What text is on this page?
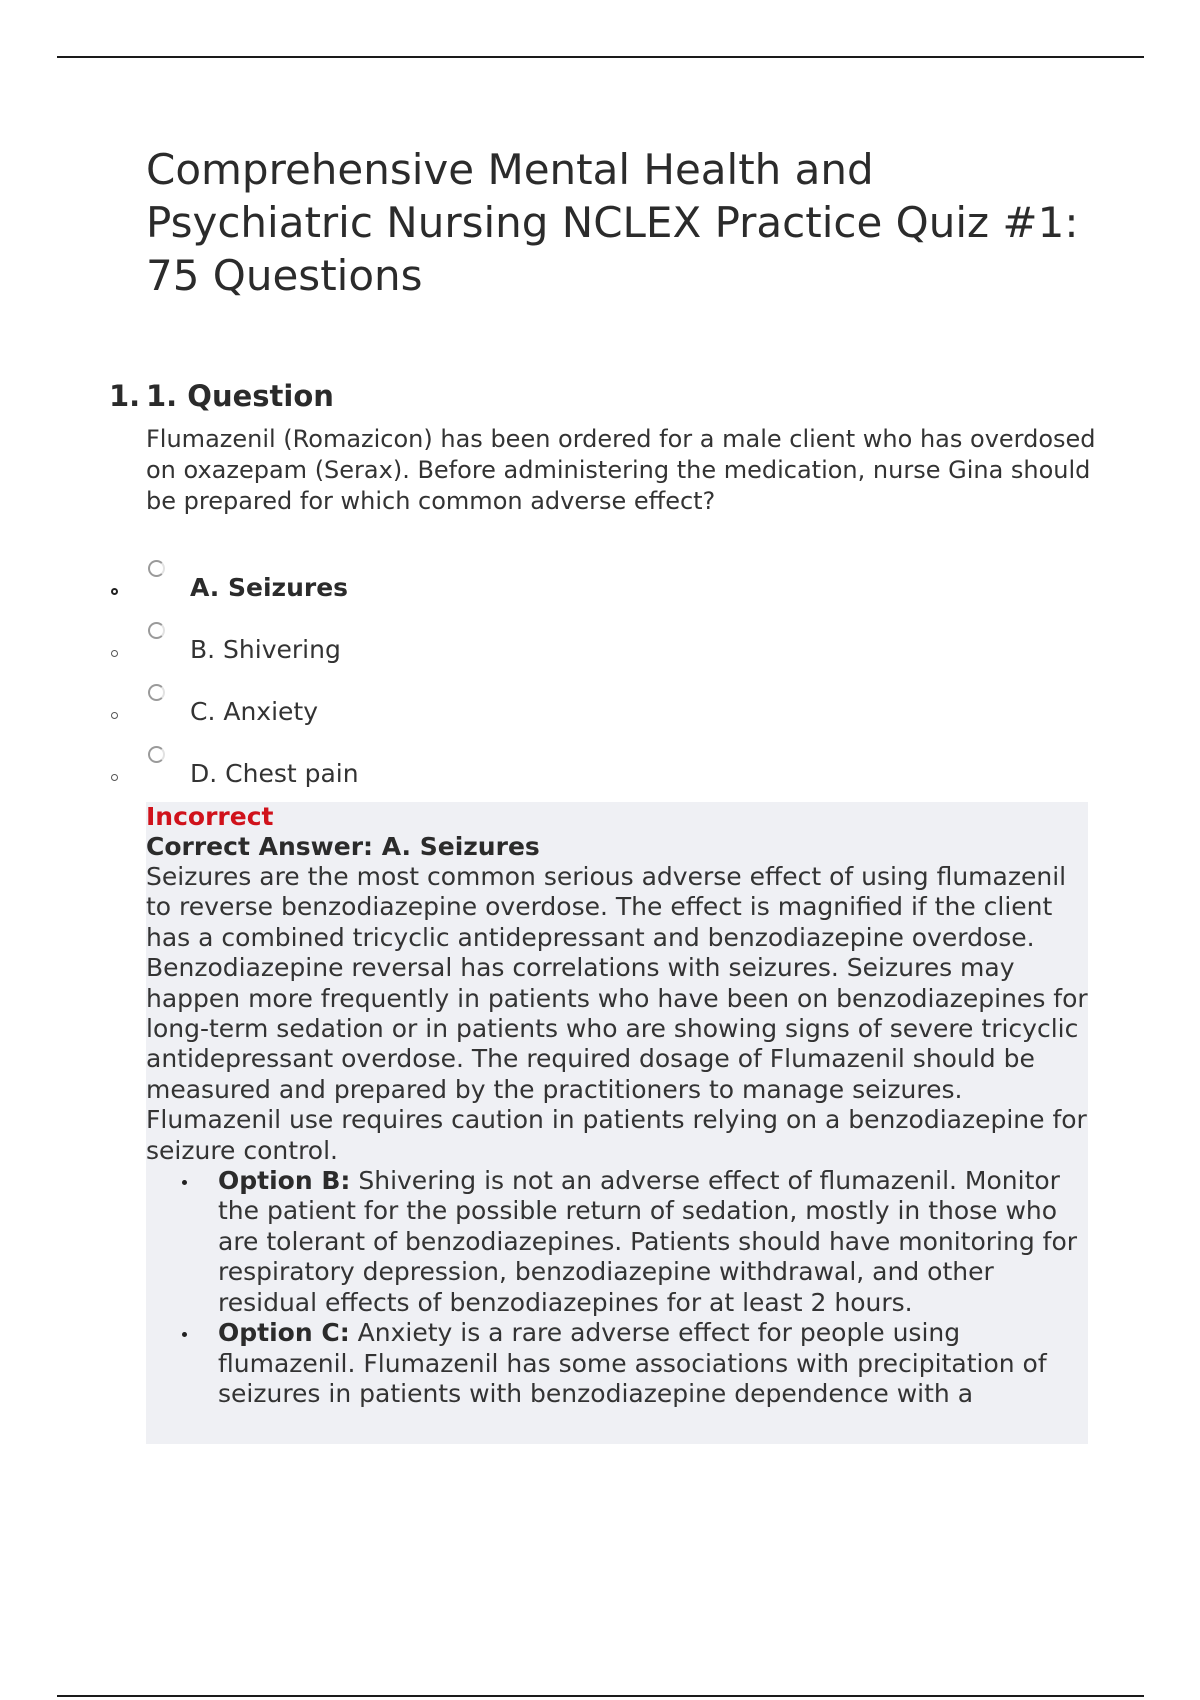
Comprehensive Mental Health and Psychiatric Nursing NCLEX Practice Quiz #1: 75 Questions
1. 1. Question

Flumazenil (Romazicon) has been ordered for a male client who has overdosed on oxazepam (Serax). Before administering the medication, nurse Gina should be prepared for which common adverse effect?

A. Seizures
B. Shivering
C. Anxiety
D. Chest pain
Incorrect
Correct Answer: A. Seizures

Seizures are the most common serious adverse effect of using flumazenil to reverse benzodiazepine overdose. The effect is magnified if the client has a combined tricyclic antidepressant and benzodiazepine overdose. Benzodiazepine reversal has correlations with seizures. Seizures may happen more frequently in patients who have been on benzodiazepines for long-term sedation or in patients who are showing signs of severe tricyclic antidepressant overdose. The required dosage of Flumazenil should be measured and prepared by the practitioners to manage seizures. Flumazenil use requires caution in patients relying on a benzodiazepine for seizure control.

Option B: Shivering is not an adverse effect of flumazenil. Monitor the patient for the possible return of sedation, mostly in those who are tolerant of benzodiazepines. Patients should have monitoring for respiratory depression, benzodiazepine withdrawal, and other residual effects of benzodiazepines for at least 2 hours.
Option C: Anxiety is a rare adverse effect for people using flumazenil. Flumazenil has some associations with precipitation of seizures in patients with benzodiazepine dependence with a
